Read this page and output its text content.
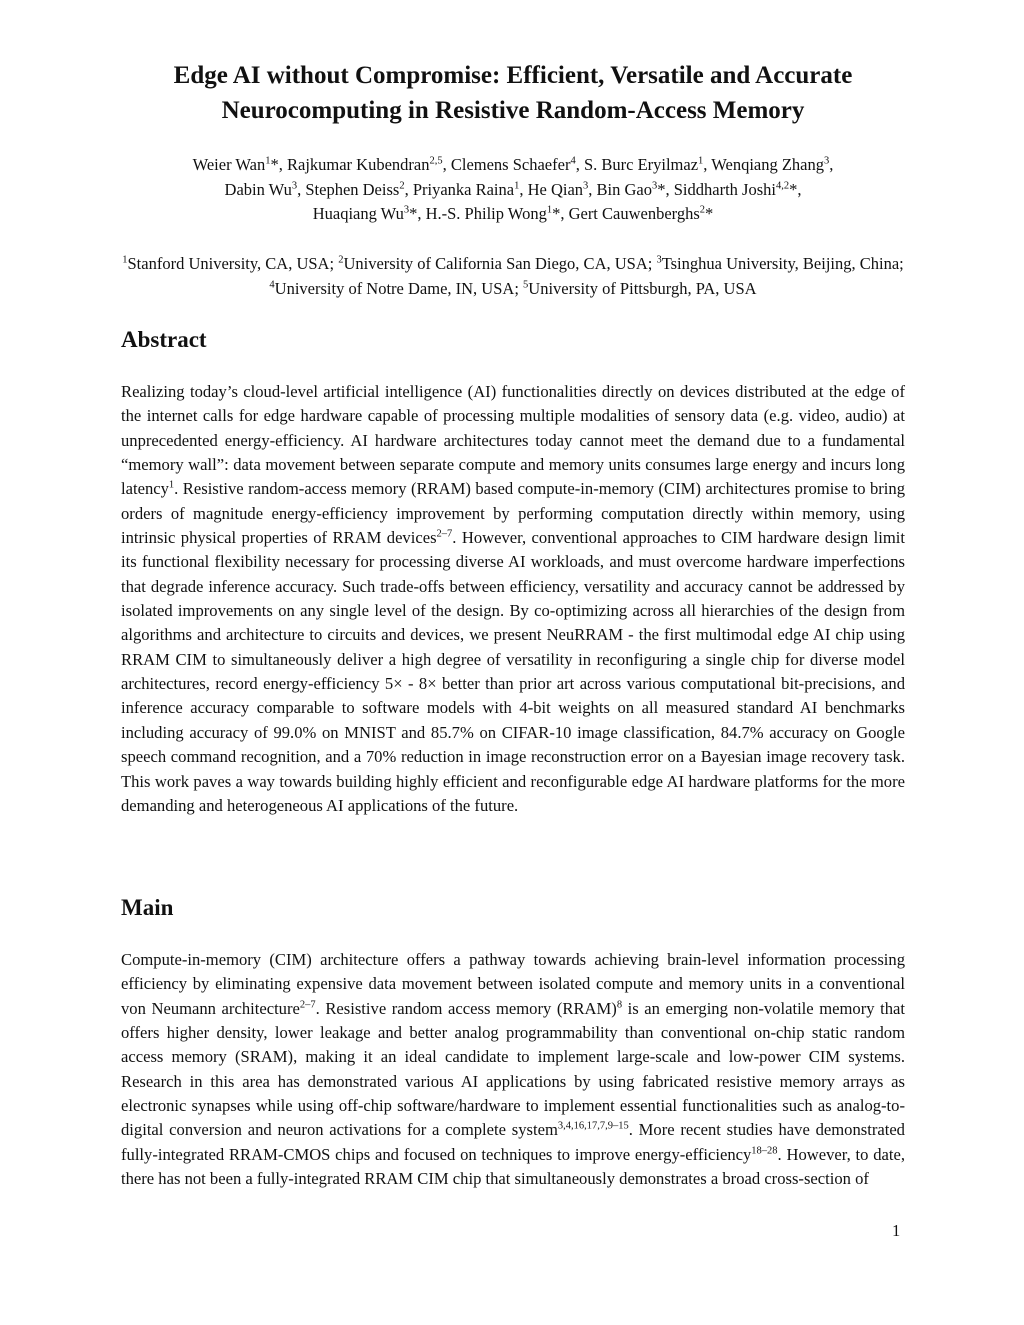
Edge AI without Compromise: Efficient, Versatile and Accurate
Neurocomputing in Resistive Random-Access Memory

Weier Wan$^1$*, Rajkumar Kubendran$^{2,5}$, Clemens Schaefer$^4$, S. Burc Eryilmaz$^1$, Wenqiang Zhang$^3$,
Dabin Wu$^3$, Stephen Deiss$^2$, Priyanka Raina$^1$, He Qian$^3$, Bin Gao$^3$*, Siddharth Joshi$^{4,2}$*,
Huaqiang Wu$^3$*, H.-S. Philip Wong$^1$*, Gert Cauwenberghs$^2$*

$^1$Stanford University, CA, USA; $^2$University of California San Diego, CA, USA; $^3$Tsinghua University, Beijing, China; $^4$University of Notre Dame, IN, USA; $^5$University of Pittsburgh, PA, USA

Abstract

Realizing today’s cloud-level artificial intelligence (AI) functionalities directly on devices distributed at the edge of the internet calls for edge hardware capable of processing multiple modalities of sensory data (e.g. video, audio) at unprecedented energy-efficiency. AI hardware architectures today cannot meet the demand due to a fundamental “memory wall”: data movement between separate compute and memory units consumes large energy and incurs long latency$^1$. Resistive random-access memory (RRAM) based compute-in-memory (CIM) architectures promise to bring orders of magnitude energy-efficiency improvement by performing computation directly within memory, using intrinsic physical properties of RRAM devices$^{2-7}$. However, conventional approaches to CIM hardware design limit its functional flexibility necessary for processing diverse AI workloads, and must overcome hardware imperfections that degrade inference accuracy. Such trade-offs between efficiency, versatility and accuracy cannot be addressed by isolated improvements on any single level of the design. By co-optimizing across all hierarchies of the design from algorithms and architecture to circuits and devices, we present NeuRRAM - the first multimodal edge AI chip using RRAM CIM to simultaneously deliver a high degree of versatility in reconfiguring a single chip for diverse model architectures, record energy-efficiency 5× - 8× better than prior art across various computational bit-precisions, and inference accuracy comparable to software models with 4-bit weights on all measured standard AI benchmarks including accuracy of 99.0% on MNIST and 85.7% on CIFAR-10 image classification, 84.7% accuracy on Google speech command recognition, and a 70% reduction in image reconstruction error on a Bayesian image recovery task. This work paves a way towards building highly efficient and reconfigurable edge AI hardware platforms for the more demanding and heterogeneous AI applications of the future.

Main

Compute-in-memory (CIM) architecture offers a pathway towards achieving brain-level information processing efficiency by eliminating expensive data movement between isolated compute and memory units in a conventional von Neumann architecture$^{2-7}$. Resistive random access memory (RRAM)$^8$ is an emerging non-volatile memory that offers higher density, lower leakage and better analog programmability than conventional on-chip static random access memory (SRAM), making it an ideal candidate to implement large-scale and low-power CIM systems. Research in this area has demonstrated various AI applications by using fabricated resistive memory arrays as electronic synapses while using off-chip software/hardware to implement essential functionalities such as analog-to-digital conversion and neuron activations for a complete system$^{3,4,16,17,7,9-15}$. More recent studies have demonstrated fully-integrated RRAM-CMOS chips and focused on techniques to improve energy-efficiency$^{18-28}$. However, to date, there has not been a fully-integrated RRAM CIM chip that simultaneously demonstrates a broad cross-section of

1
